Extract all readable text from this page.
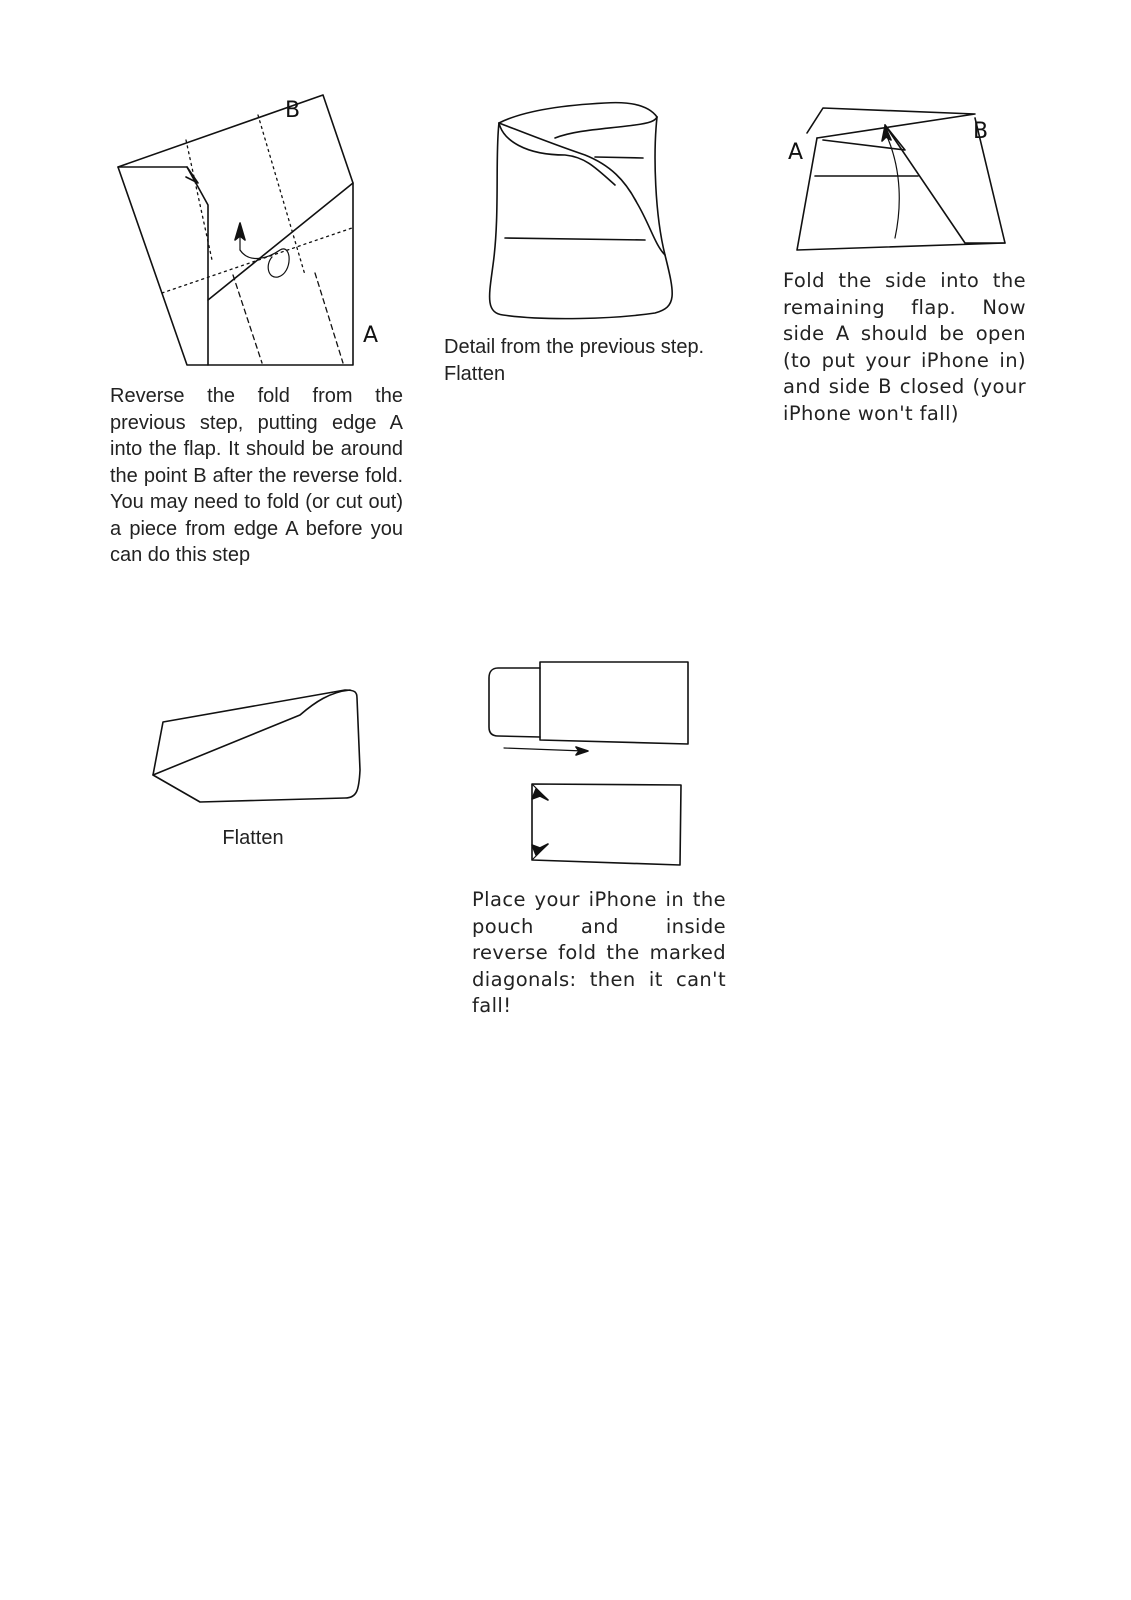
B
A

Reverse the fold from the previous step, putting edge A into the flap. It should be around the point B after the reverse fold. You may need to fold (or cut out) a piece from edge A before you can do this step

Detail from the previous step.
Flatten
A
B

Fold the side into the remaining flap. Now side A should be open (to put your iPhone in) and side B closed (your iPhone won't fall)

Flatten

Place your iPhone in the pouch and inside reverse fold the marked diagonals: then it can't fall!
